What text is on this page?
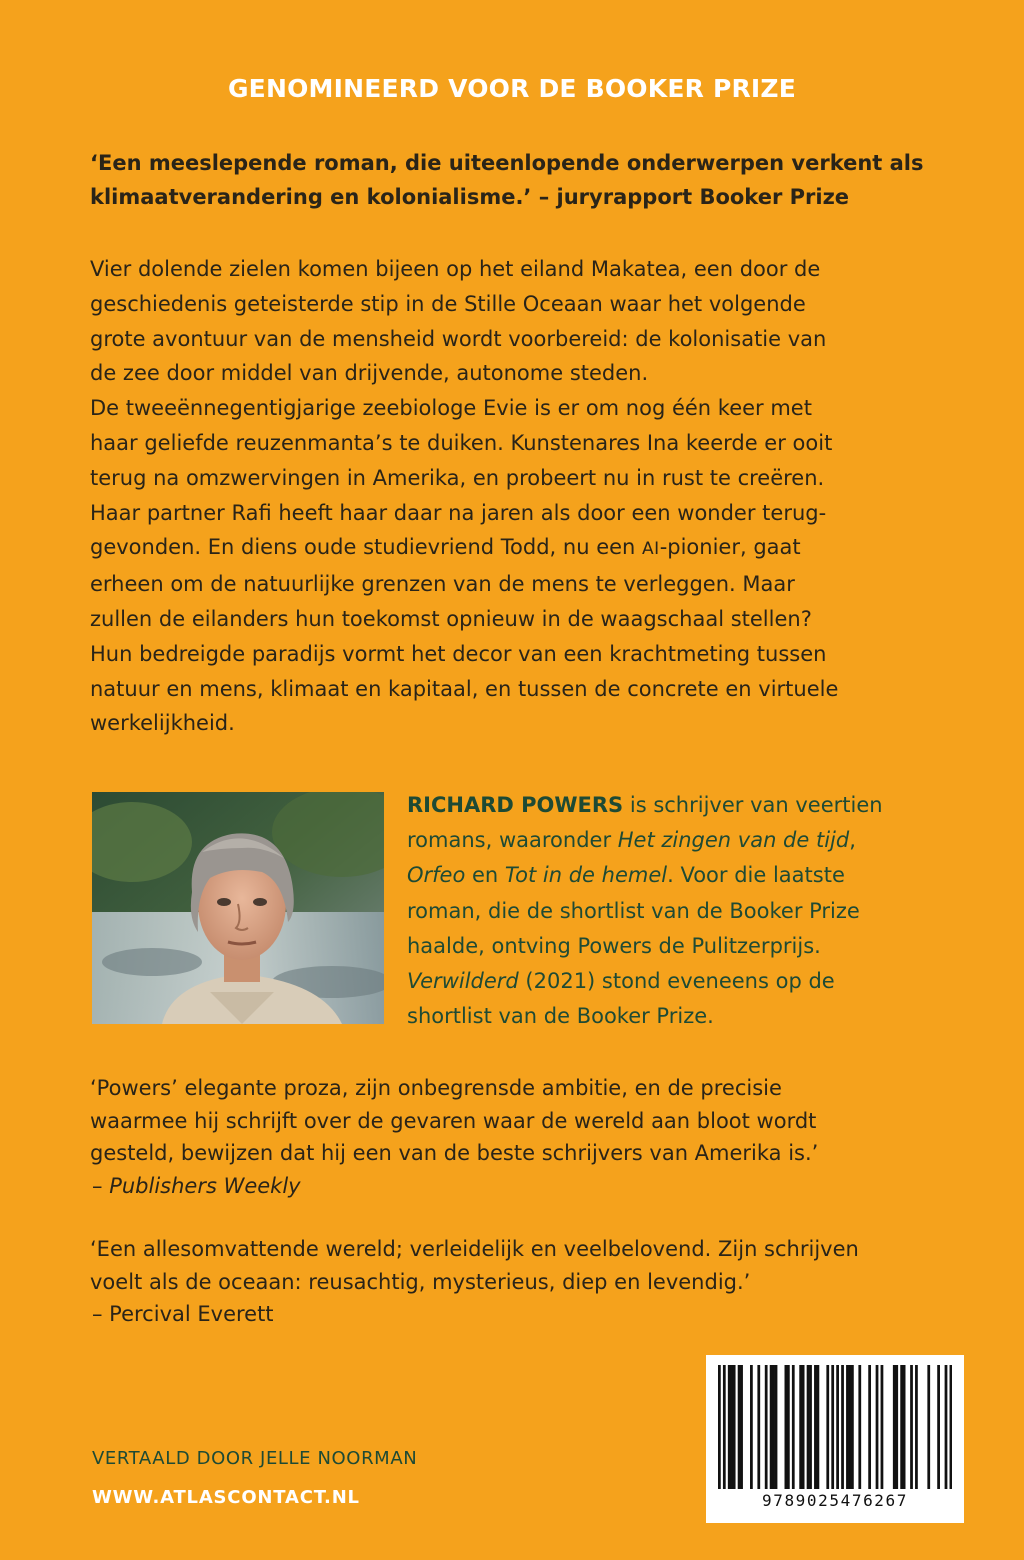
GENOMINEERD VOOR DE BOOKER PRIZE
‘Een meeslepende roman, die uiteenlopende onderwerpen verkent als
klimaatverandering en kolonialisme.’ – juryrapport Booker Prize

Vier dolende zielen komen bijeen op het eiland Makatea, een door de

geschiedenis geteisterde stip in de Stille Oceaan waar het volgende

grote avontuur van de mensheid wordt voorbereid: de kolonisatie van

de zee door middel van drijvende, autonome steden.

De tweeënnegentigjarige zeebiologe Evie is er om nog één keer met

haar geliefde reuzenmanta’s te duiken. Kunstenares Ina keerde er ooit

terug na omzwervingen in Amerika, en probeert nu in rust te creëren.

Haar partner Rafi heeft haar daar na jaren als door een wonder terug-

gevonden. En diens oude studievriend Todd, nu een AI-pionier, gaat

erheen om de natuurlijke grenzen van de mens te verleggen. Maar

zullen de eilanders hun toekomst opnieuw in de waagschaal stellen?

Hun bedreigde paradijs vormt het decor van een krachtmeting tussen

natuur en mens, klimaat en kapitaal, en tussen de concrete en virtuele

werkelijkheid.

RICHARD POWERS is schrijver van veertien
romans, waaronder Het zingen van de tijd,
Orfeo en Tot in de hemel. Voor die laatste
roman, die de shortlist van de Booker Prize
haalde, ontving Powers de Pulitzerprijs.
Verwilderd (2021) stond eveneens op de
shortlist van de Booker Prize.
‘Powers’ elegante proza, zijn onbegrensde ambitie, en de precisie
waarmee hij schrijft over de gevaren waar de wereld aan bloot wordt
gesteld, bewijzen dat hij een van de beste schrijvers van Amerika is.’
– Publishers Weekly
‘Een allesomvattende wereld; verleidelijk en veelbelovend. Zijn schrijven
voelt als de oceaan: reusachtig, mysterieus, diep en levendig.’
– Percival Everett
VERTAALD DOOR JELLE NOORMAN
WWW.ATLASCONTACT.NL	9789025476267
